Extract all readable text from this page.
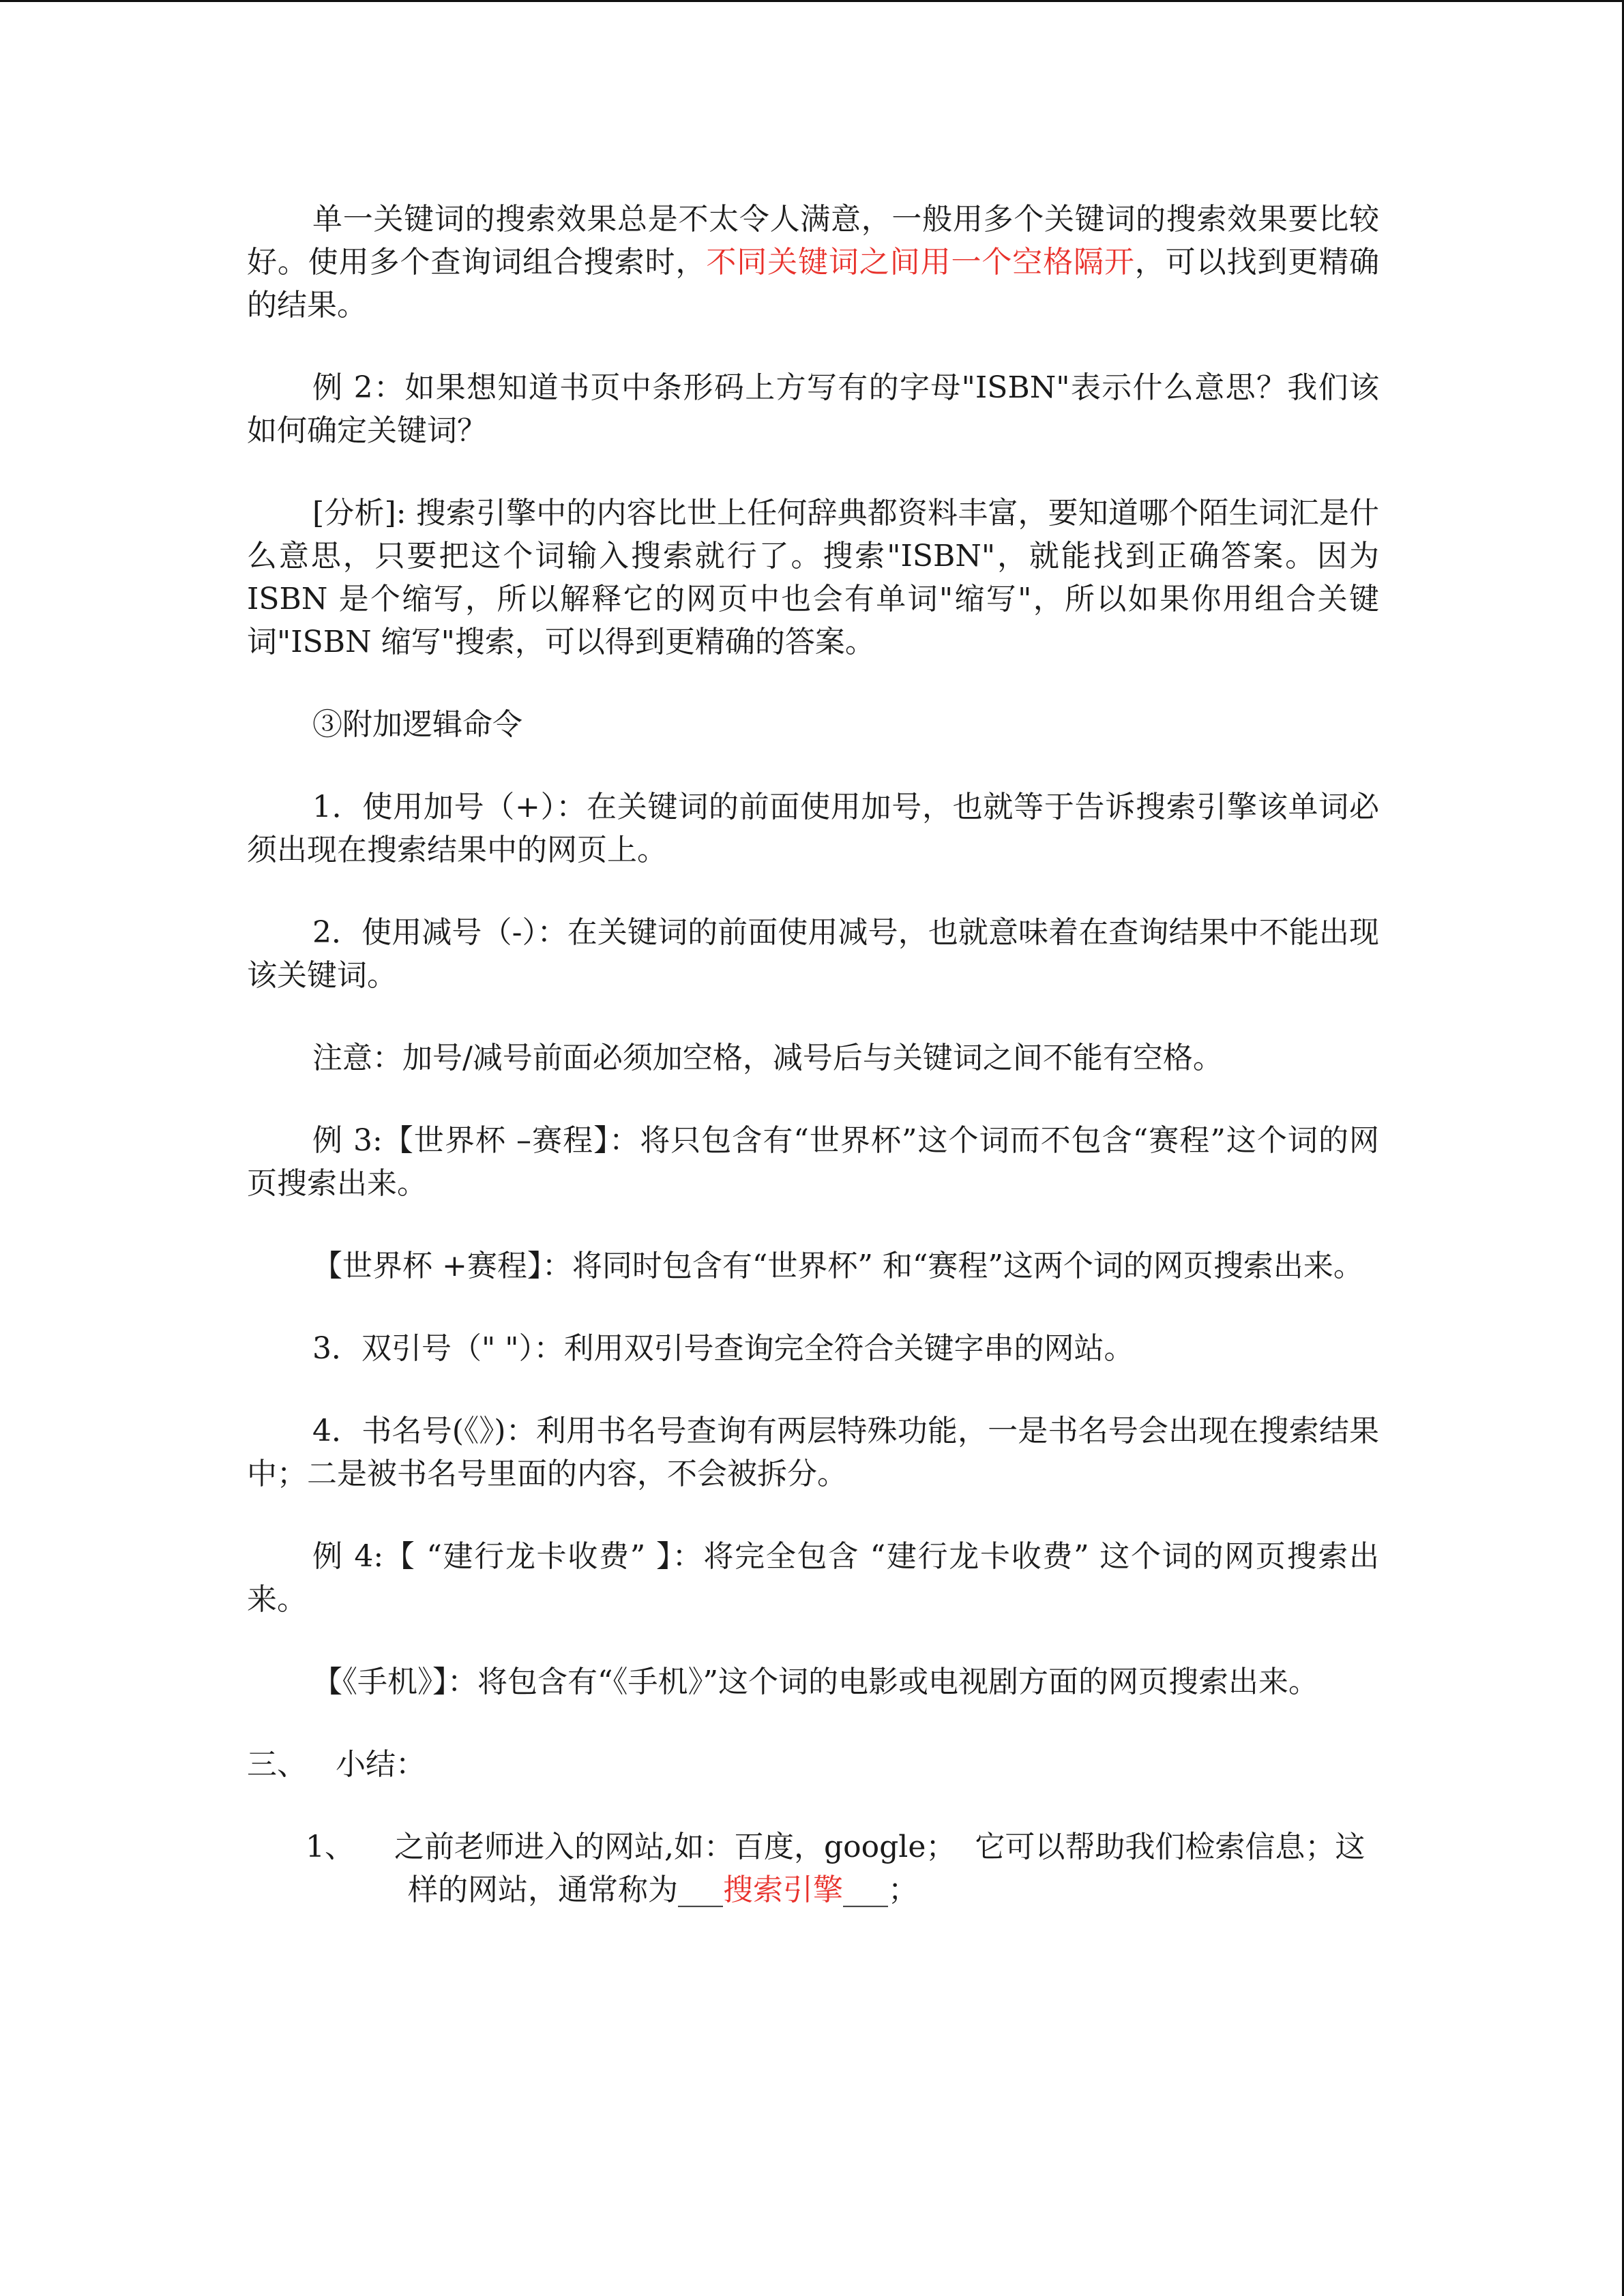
单一关键词的搜索效果总是不太令人满意，一般用多个关键词的搜索效果要比较好。使用多个查询词组合搜索时，不同关键词之间用一个空格隔开，可以找到更精确的结果。

例 2：如果想知道书页中条形码上方写有的字母"ISBN"表示什么意思？我们该如何确定关键词？

[分析]: 搜索引擎中的内容比世上任何辞典都资料丰富，要知道哪个陌生词汇是什么意思，只要把这个词输入搜索就行了。搜索"ISBN"，就能找到正确答案。因为 ISBN 是个缩写，所以解释它的网页中也会有单词"缩写"，所以如果你用组合关键词"ISBN 缩写"搜索，可以得到更精确的答案。

③附加逻辑命令

1．使用加号（+）：在关键词的前面使用加号，也就等于告诉搜索引擎该单词必须出现在搜索结果中的网页上。

2．使用减号（-）：在关键词的前面使用减号，也就意味着在查询结果中不能出现该关键词。

注意：加号/减号前面必须加空格，减号后与关键词之间不能有空格。

例 3:【世界杯 –赛程】：将只包含有“世界杯”这个词而不包含“赛程”这个词的网页搜索出来。

【世界杯 +赛程】：将同时包含有“世界杯” 和“赛程”这两个词的网页搜索出来。

3．双引号（" "）：利用双引号查询完全符合关键字串的网站。

4．书名号(《》)：利用书名号查询有两层特殊功能，一是书名号会出现在搜索结果中；二是被书名号里面的内容，不会被拆分。

例 4:【 “建行龙卡收费” 】：将完全包含 “建行龙卡收费” 这个词的网页搜索出来。

【《手机》】：将包含有“《手机》”这个词的电影或电视剧方面的网页搜索出来。

三、   小结：

1、 之前老师进入的网站,如：百度，google；  它可以帮助我们检索信息；这样的网站，通常称为___搜索引擎___；
